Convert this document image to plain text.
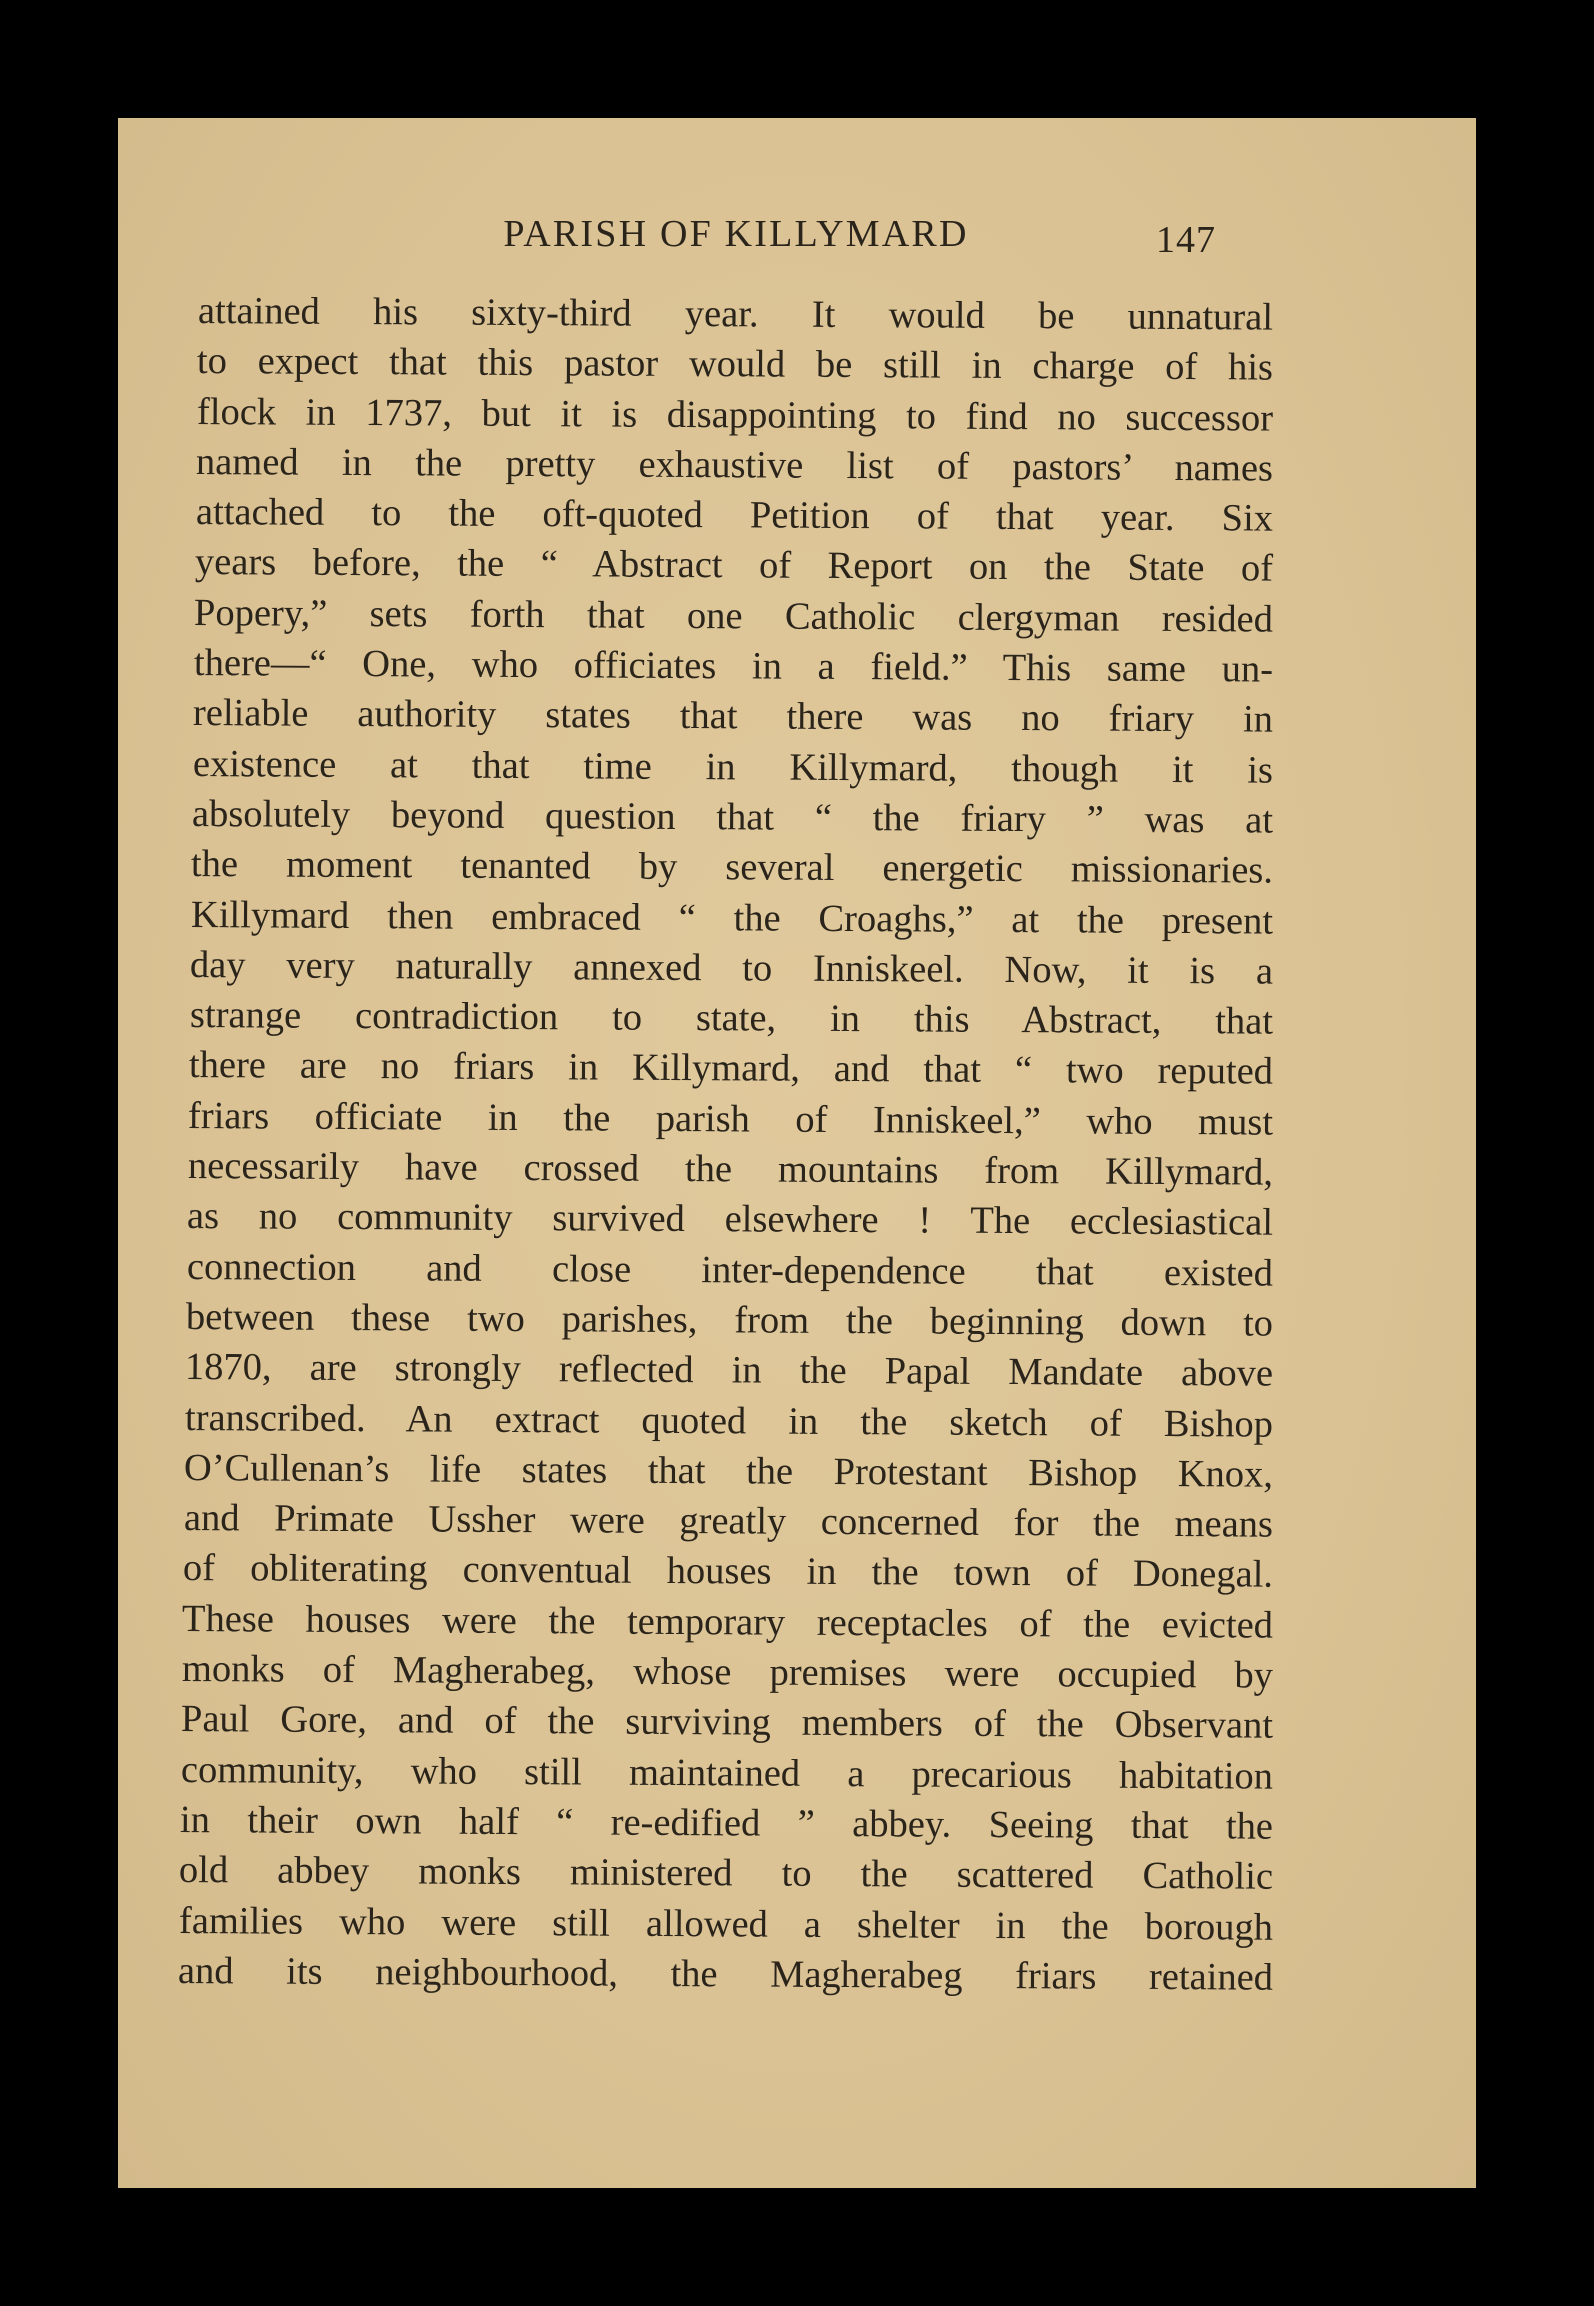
PARISH OF KILLYMARD	147
attained his sixty-third year. It would be unnatural
to expect that this pastor would be still in charge of his
flock in 1737, but it is disappointing to find no successor
named in the pretty exhaustive list of pastors’ names
attached to the oft-quoted Petition of that year. Six
years before, the “ Abstract of Report on the State of
Popery,” sets forth that one Catholic clergyman resided
there—“ One, who officiates in a field.” This same un-
reliable authority states that there was no friary in
existence at that time in Killymard, though it is
absolutely beyond question that “ the friary ” was at
the moment tenanted by several energetic missionaries.
Killymard then embraced “ the Croaghs,” at the present
day very naturally annexed to Inniskeel. Now, it is a
strange contradiction to state, in this Abstract, that
there are no friars in Killymard, and that “ two reputed
friars officiate in the parish of Inniskeel,” who must
necessarily have crossed the mountains from Killymard,
as no community survived elsewhere ! The ecclesiastical
connection and close inter-dependence that existed
between these two parishes, from the beginning down to
1870, are strongly reflected in the Papal Mandate above
transcribed. An extract quoted in the sketch of Bishop
O’Cullenan’s life states that the Protestant Bishop Knox,
and Primate Ussher were greatly concerned for the means
of obliterating conventual houses in the town of Donegal.
These houses were the temporary receptacles of the evicted
monks of Magherabeg, whose premises were occupied by
Paul Gore, and of the surviving members of the Observant
community, who still maintained a precarious habitation
in their own half “ re-edified ” abbey. Seeing that the
old abbey monks ministered to the scattered Catholic
families who were still allowed a shelter in the borough
and its neighbourhood, the Magherabeg friars retained
